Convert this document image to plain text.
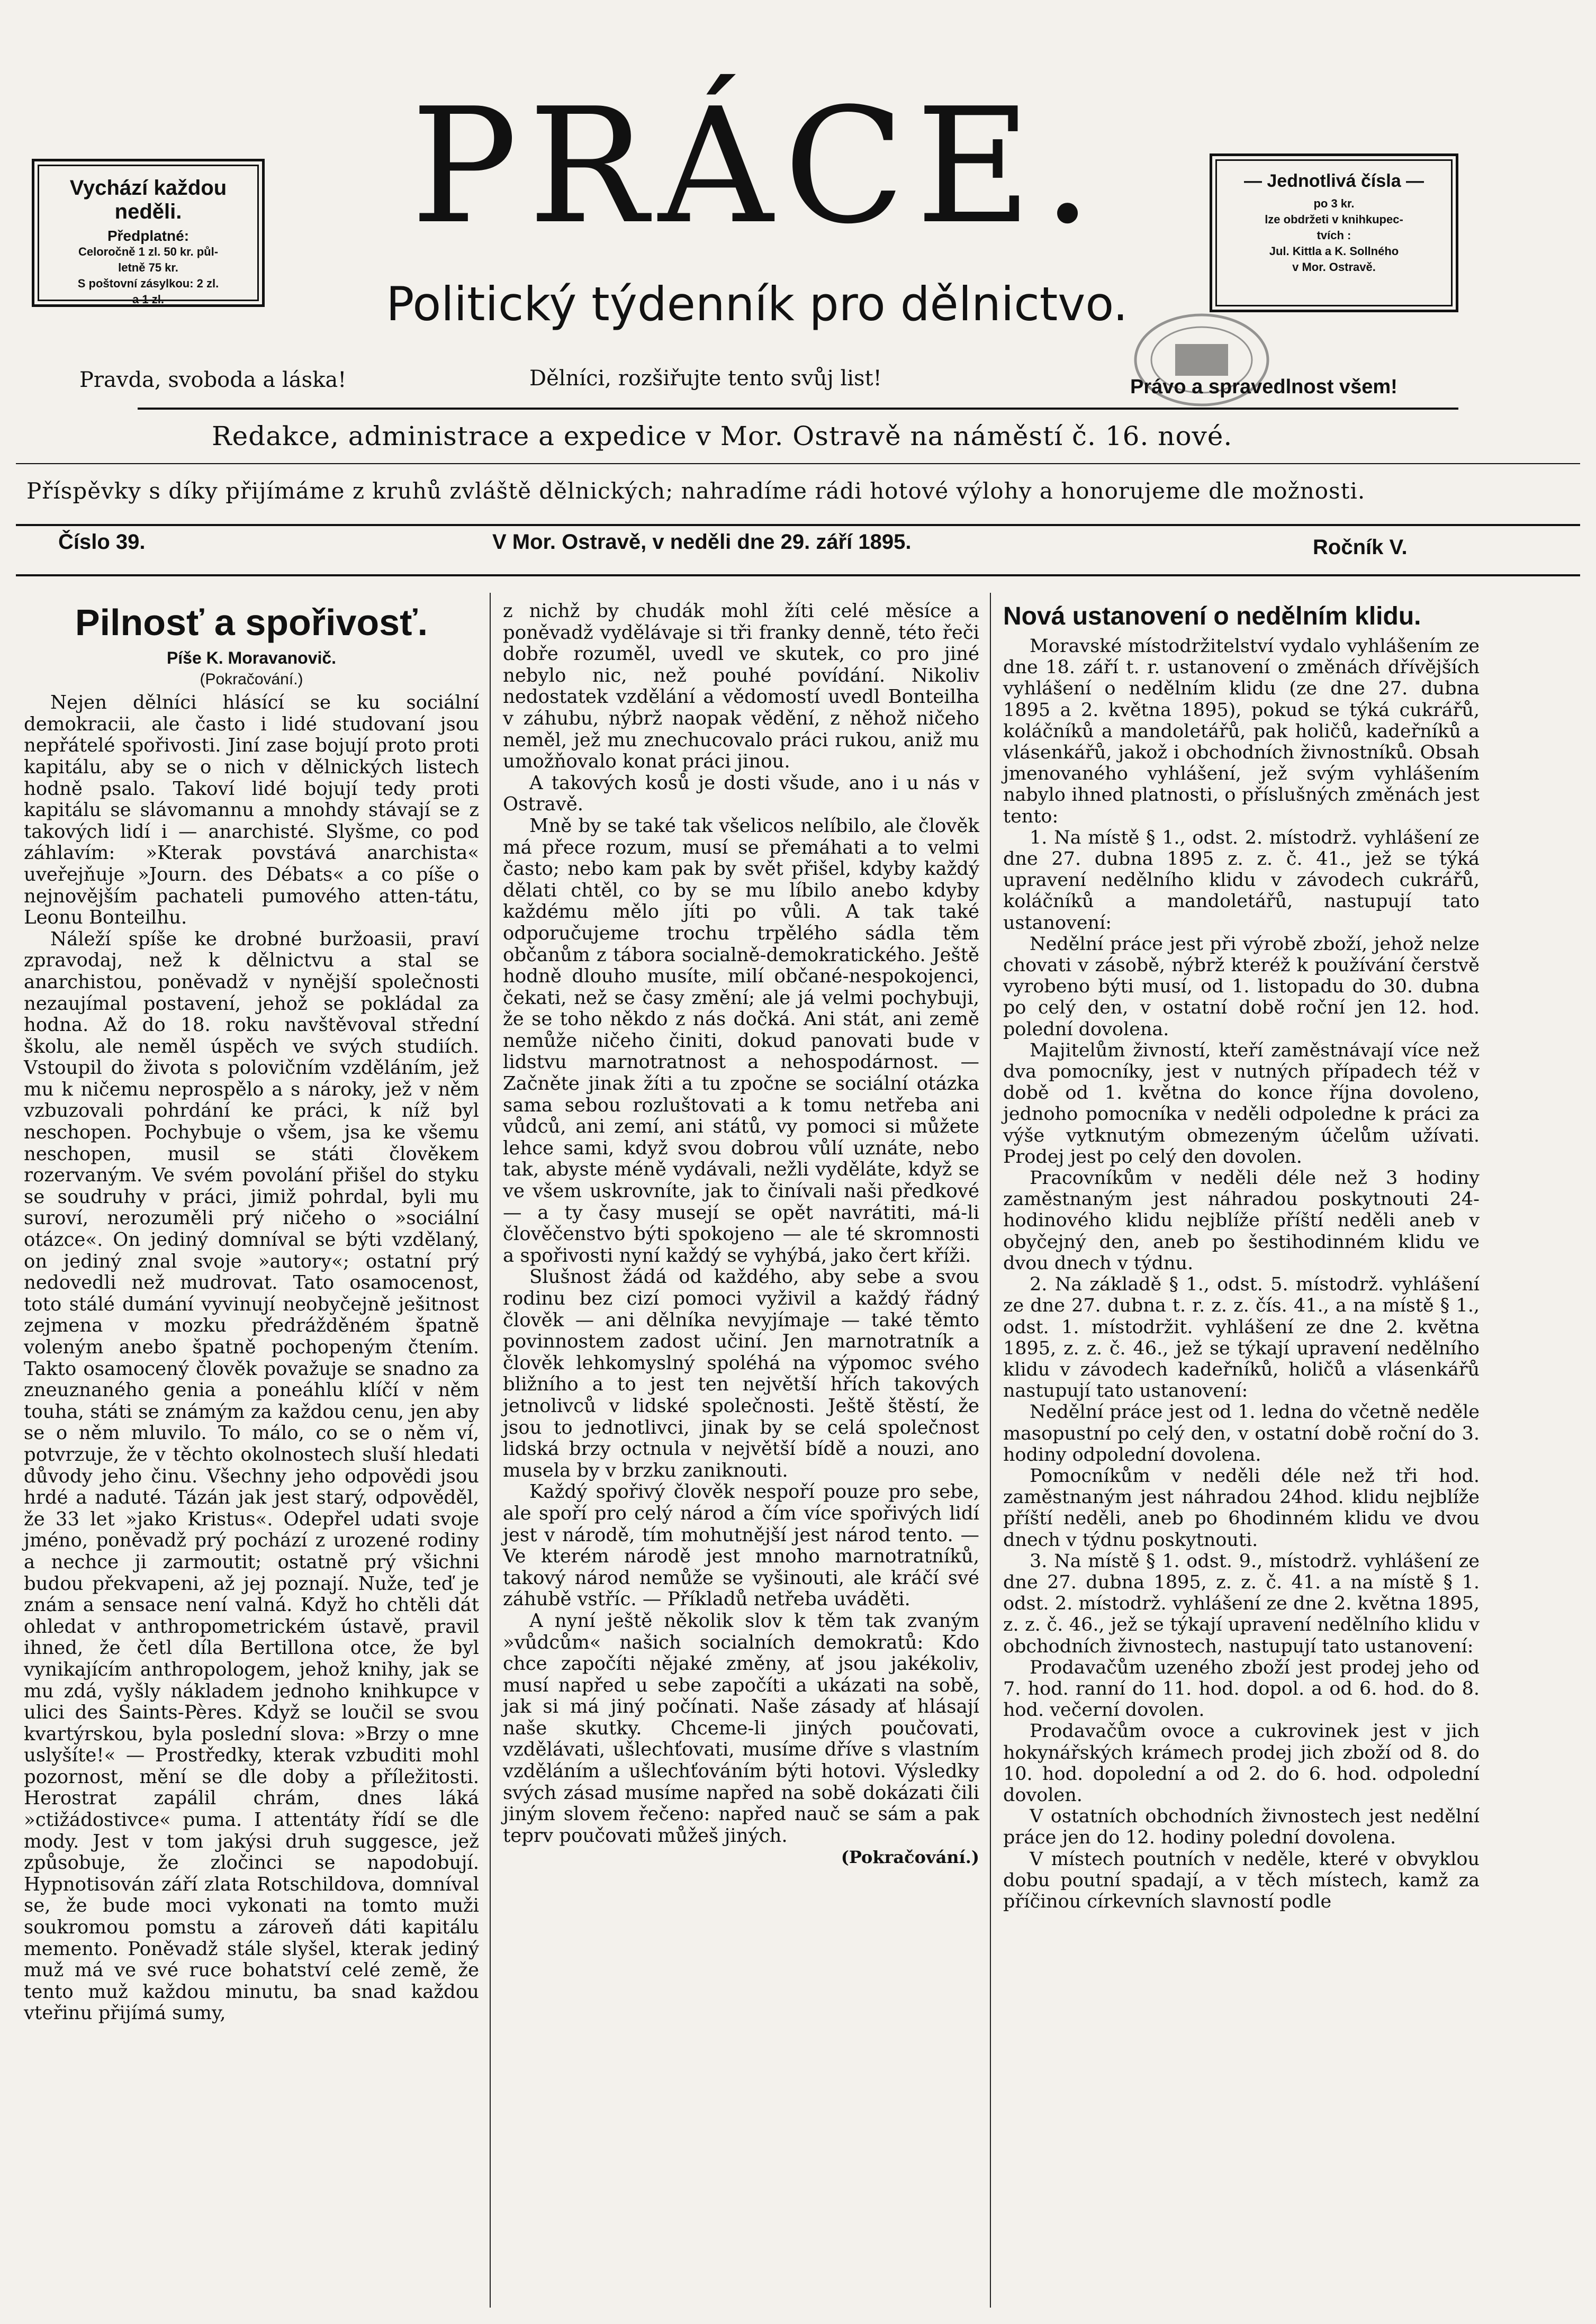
Vychází každou neděli.
Předplatné:
Celoročně 1 zl. 50 kr. půl-
letně 75 kr.
S poštovní zásylkou: 2 zl.
a 1 zl.
— Jednotlivá čísla —
po 3 kr.
lze obdržeti v knihkupec-
tvích :
Jul. Kittla a K. Sollného
v Mor. Ostravě.
PRÁCE.
Politický týdenník pro dělnictvo.
Pravda, svoboda a láska!	Dělníci, rozšiřujte tento svůj list!	Právo a spravedlnost všem!
Redakce, administrace a expedice v Mor. Ostravě na náměstí č. 16. nové.
Příspěvky s díky přijímáme z kruhů zvláště dělnických; nahradíme rádi hotové výlohy a honorujeme dle možnosti.
Číslo 39.	V Mor. Ostravě, v neděli dne 29. září 1895.	Ročník V.
Pilnosť a spořivosť.
Píše K. Moravanovič.
(Pokračování.)

Nejen dělníci hlásící se ku sociální demokracii, ale často i lidé studovaní jsou nepřátelé spořivosti. Jiní zase bojují proto proti kapitálu, aby se o nich v dělnických listech hodně psalo. Takoví lidé bojují tedy proti kapitálu se slávomannu a mnohdy stávají se z takových lidí i — anarchisté. Slyšme, co pod záhlavím: »Kterak povstává anarchista« uveřejňuje »Journ. des Débats« a co píše o nejnovějším pachateli pumového atten-tátu, Leonu Bonteilhu.

Náleží spíše ke drobné buržoasii, praví zpravodaj, než k dělnictvu a stal se anarchistou, poněvadž v nynější společnosti nezaujímal postavení, jehož se pokládal za hodna. Až do 18. roku navštěvoval střední školu, ale neměl úspěch ve svých studiích. Vstoupil do života s polovičním vzděláním, jež mu k ničemu neprospělo a s nároky, jež v něm vzbuzovali pohrdání ke práci, k níž byl neschopen. Pochybuje o všem, jsa ke všemu neschopen, musil se státi člověkem rozervaným. Ve svém povolání přišel do styku se soudruhy v práci, jimiž pohrdal, byli mu suroví, nerozuměli prý ničeho o »sociální otázce«. On jediný domníval se býti vzdělaný, on jediný znal svoje »autory«; ostatní prý nedovedli než mudrovat. Tato osamocenost, toto stálé dumání vyvinují neobyčejně ješitnost zejmena v mozku předrážděném špatně voleným anebo špatně pochopeným čtením. Takto osamocený člověk považuje se snadno za zneuznaného genia a poneáhlu klíčí v něm touha, státi se známým za každou cenu, jen aby se o něm mluvilo. To málo, co se o něm ví, potvrzuje, že v těchto okolnostech sluší hledati důvody jeho činu. Všechny jeho odpovědi jsou hrdé a naduté. Tázán jak jest starý, odpověděl, že 33 let »jako Kristus«. Odepřel udati svoje jméno, poněvadž prý pochází z urozené rodiny a nechce ji zarmoutit; ostatně prý všichni budou překvapeni, až jej poznají. Nuže, teď je znám a sensace není valná. Když ho chtěli dát ohledat v anthropometrickém ústavě, pravil ihned, že četl díla Bertillona otce, že byl vynikajícím anthropologem, jehož knihy, jak se mu zdá, vyšly nákladem jednoho knihkupce v ulici des Saints-Pères. Když se loučil se svou kvartýrskou, byla poslední slova: »Brzy o mne uslyšíte!« — Prostředky, kterak vzbuditi mohl pozornost, mění se dle doby a příležitosti. Herostrat zapálil chrám, dnes láká »ctižádostivce« puma. I attentáty řídí se dle mody. Jest v tom jakýsi druh suggesce, jež způsobuje, že zločinci se napodobují. Hypnotisován září zlata Rotschildova, domníval se, že bude moci vykonati na tomto muži soukromou pomstu a zároveň dáti kapitálu memento. Poněvadž stále slyšel, kterak jediný muž má ve své ruce bohatství celé země, že tento muž každou minutu, ba snad každou vteřinu přijímá sumy,

z nichž by chudák mohl žíti celé měsíce a poněvadž vydělávaje si tři franky denně, této řeči dobře rozuměl, uvedl ve skutek, co pro jiné nebylo nic, než pouhé povídání. Nikoliv nedostatek vzdělání a vědomostí uvedl Bonteilha v záhubu, nýbrž naopak vědění, z něhož ničeho neměl, jež mu znechucovalo práci rukou, aniž mu umožňovalo konat práci jinou.

A takových kosů je dosti všude, ano i u nás v Ostravě.

Mně by se také tak všelicos nelíbilo, ale člověk má přece rozum, musí se přemáhati a to velmi často; nebo kam pak by svět přišel, kdyby každý dělati chtěl, co by se mu líbilo anebo kdyby každému mělo jíti po vůli. A tak také odporučujeme trochu trpělého sádla těm občanům z tábora socialně-demokratického. Ještě hodně dlouho musíte, milí občané-nespokojenci, čekati, než se časy změní; ale já velmi pochybuji, že se toho někdo z nás dočká. Ani stát, ani země nemůže ničeho činiti, dokud panovati bude v lidstvu marnotratnost a nehospodárnost. — Začněte jinak žíti a tu zpočne se sociální otázka sama sebou rozluštovati a k tomu netřeba ani vůdců, ani zemí, ani států, vy pomoci si můžete lehce sami, když svou dobrou vůlí uznáte, nebo tak, abyste méně vydávali, nežli vyděláte, když se ve všem uskrovníte, jak to činívali naši předkové — a ty časy musejí se opět navrátiti, má-li člověčenstvo býti spokojeno — ale té skromnosti a spořivosti nyní každý se vyhýbá, jako čert kříži.

Slušnost žádá od každého, aby sebe a svou rodinu bez cizí pomoci vyživil a každý řádný člověk — ani dělníka nevyjímaje — také těmto povinnostem zadost učiní. Jen marnotratník a člověk lehkomyslný spoléhá na výpomoc svého bližního a to jest ten největší hřích takových jetnolivců v lidské společnosti. Ještě štěstí, že jsou to jednotlivci, jinak by se celá společnost lidská brzy octnula v největší bídě a nouzi, ano musela by v brzku zaniknouti.

Každý spořivý člověk nespoří pouze pro sebe, ale spoří pro celý národ a čím více spořivých lidí jest v národě, tím mohutnější jest národ tento. — Ve kterém národě jest mnoho marnotratníků, takový národ nemůže se vyšinouti, ale kráčí své záhubě vstříc. — Příkladů netřeba uváděti.

A nyní ještě několik slov k těm tak zvaným »vůdcům« našich socialních demokratů: Kdo chce započíti nějaké změny, ať jsou jakékoliv, musí napřed u sebe započíti a ukázati na sobě, jak si má jiný počínati. Naše zásady ať hlásají naše skutky. Chceme-li jiných poučovati, vzdělávati, ušlechťovati, musíme dříve s vlastním vzděláním a ušlechťováním býti hotovi. Výsledky svých zásad musíme napřed na sobě dokázati čili jiným slovem řečeno: napřed nauč se sám a pak teprv poučovati můžeš jiných.

(Pokračování.)
Nová ustanovení o nedělním klidu.

Moravské místodržitelství vydalo vyhlášením ze dne 18. září t. r. ustanovení o změnách dřívějších vyhlášení o nedělním klidu (ze dne 27. dubna 1895 a 2. května 1895), pokud se týká cukrářů, koláčníků a mandoletářů, pak holičů, kadeřníků a vlásenkářů, jakož i obchodních živnostníků. Obsah jmenovaného vyhlášení, jež svým vyhlášením nabylo ihned platnosti, o příslušných změnách jest tento:

1. Na místě § 1., odst. 2. místodrž. vyhlášení ze dne 27. dubna 1895 z. z. č. 41., jež se týká upravení nedělního klidu v závodech cukrářů, koláčníků a mandoletářů, nastupují tato ustanovení:

Nedělní práce jest při výrobě zboží, jehož nelze chovati v zásobě, nýbrž kteréž k používání čerstvě vyrobeno býti musí, od 1. listopadu do 30. dubna po celý den, v ostatní době roční jen 12. hod. polední dovolena.

Majitelům živností, kteří zaměstnávají více než dva pomocníky, jest v nutných případech též v době od 1. května do konce října dovoleno, jednoho pomocníka v neděli odpoledne k práci za výše vytknutým obmezeným účelům užívati. Prodej jest po celý den dovolen.

Pracovníkům v neděli déle než 3 hodiny zaměstnaným jest náhradou poskytnouti 24-hodinového klidu nejblíže příští neděli aneb v obyčejný den, aneb po šestihodinném klidu ve dvou dnech v týdnu.

2. Na základě § 1., odst. 5. místodrž. vyhlášení ze dne 27. dubna t. r. z. z. čís. 41., a na místě § 1., odst. 1. místodržit. vyhlášení ze dne 2. května 1895, z. z. č. 46., jež se týkají upravení nedělního klidu v závodech kadeřníků, holičů a vlásenkářů nastupují tato ustanovení:

Nedělní práce jest od 1. ledna do včetně neděle masopustní po celý den, v ostatní době roční do 3. hodiny odpolední dovolena.

Pomocníkům v neděli déle než tři hod. zaměstnaným jest náhradou 24hod. klidu nejblíže příští neděli, aneb po 6hodinném klidu ve dvou dnech v týdnu poskytnouti.

3. Na místě § 1. odst. 9., místodrž. vyhlášení ze dne 27. dubna 1895, z. z. č. 41. a na místě § 1. odst. 2. místodrž. vyhlášení ze dne 2. května 1895, z. z. č. 46., jež se týkají upravení nedělního klidu v obchodních živnostech, nastupují tato ustanovení:

Prodavačům uzeného zboží jest prodej jeho od 7. hod. ranní do 11. hod. dopol. a od 6. hod. do 8. hod. večerní dovolen.

Prodavačům ovoce a cukrovinek jest v jich hokynářských krámech prodej jich zboží od 8. do 10. hod. dopolední a od 2. do 6. hod. odpolední dovolen.

V ostatních obchodních živnostech jest nedělní práce jen do 12. hodiny polední dovolena.

V místech poutních v neděle, které v obvyklou dobu poutní spadají, a v těch místech, kamž za příčinou církevních slavností podle
